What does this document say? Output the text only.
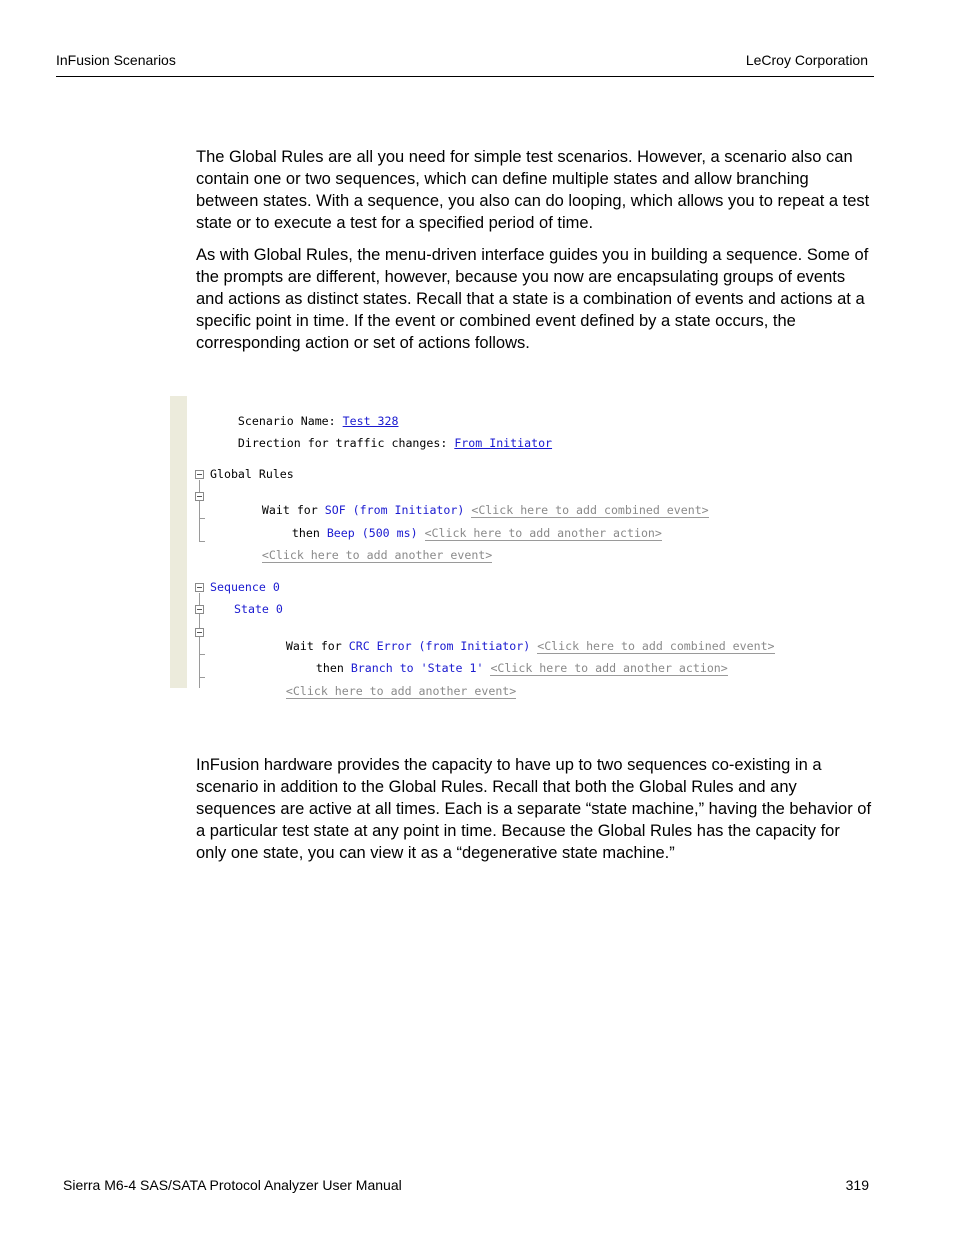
InFusion Scenarios	LeCroy Corporation

The Global Rules are all you need for simple test scenarios. However, a scenario also can contain one or two sequences, which can define multiple states and allow branching between states. With a sequence, you also can do looping, which allows you to repeat a test state or to execute a test for a specified period of time.

As with Global Rules, the menu-driven interface guides you in building a sequence. Some of the prompts are different, however, because you now are encapsulating groups of events and actions as distinct states. Recall that a state is a combination of events and actions at a specific point in time. If the event or combined event defined by a state occurs, the corresponding action or set of actions follows.

Scenario Name: Test 328

Direction for traffic changes: From Initiator

Global Rules

Wait for SOF (from Initiator) <Click here to add combined event>

then Beep (500 ms) <Click here to add another action>

<Click here to add another event>

Sequence 0
State 0

Wait for CRC Error (from Initiator) <Click here to add combined event>

then Branch to 'State 1' <Click here to add another action>

<Click here to add another event>

InFusion hardware provides the capacity to have up to two sequences co-existing in a scenario in addition to the Global Rules. Recall that both the Global Rules and any sequences are active at all times. Each is a separate “state machine,” having the behavior of a particular test state at any point in time. Because the Global Rules has the capacity for only one state, you can view it as a “degenerative state machine.”

Sierra M6-4 SAS/SATA Protocol Analyzer User Manual	319
